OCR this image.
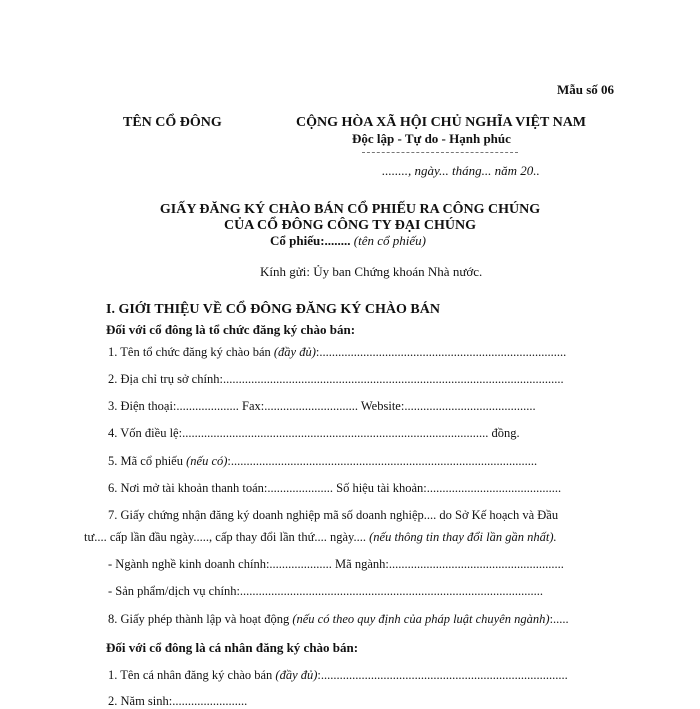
Mẫu số 06
TÊN CỔ ĐÔNG	CỘNG HÒA XÃ HỘI CHỦ NGHĨA VIỆT NAM
Độc lập - Tự do - Hạnh phúc
........, ngày... tháng... năm 20..
GIẤY ĐĂNG KÝ CHÀO BÁN CỔ PHIẾU RA CÔNG CHÚNG
CỦA CỔ ĐÔNG CÔNG TY ĐẠI CHÚNG
Cổ phiếu:........ (tên cổ phiếu)
Kính gửi: Ủy ban Chứng khoán Nhà nước.
I. GIỚI THIỆU VỀ CỔ ĐÔNG ĐĂNG KÝ CHÀO BÁN
Đối với cổ đông là tổ chức đăng ký chào bán:
1. Tên tổ chức đăng ký chào bán (đầy đủ):...............................................................................
2. Địa chỉ trụ sở chính:.............................................................................................................
3. Điện thoại:.................... Fax:.............................. Website:..........................................
4. Vốn điều lệ:.................................................................................................. đồng.
5. Mã cổ phiếu (nếu có):..................................................................................................
6. Nơi mở tài khoản thanh toán:..................... Số hiệu tài khoản:...........................................
7. Giấy chứng nhận đăng ký doanh nghiệp mã số doanh nghiệp.... do Sở Kế hoạch và Đầu
tư.... cấp lần đầu ngày....., cấp thay đổi lần thứ.... ngày.... (nếu thông tin thay đổi lần gần nhất).
- Ngành nghề kinh doanh chính:.................... Mã ngành:........................................................
- Sản phẩm/dịch vụ chính:.................................................................................................
8. Giấy phép thành lập và hoạt động (nếu có theo quy định của pháp luật chuyên ngành):.....
Đối với cổ đông là cá nhân đăng ký chào bán:
1. Tên cá nhân đăng ký chào bán (đầy đủ):...............................................................................
2. Năm sinh:........................
